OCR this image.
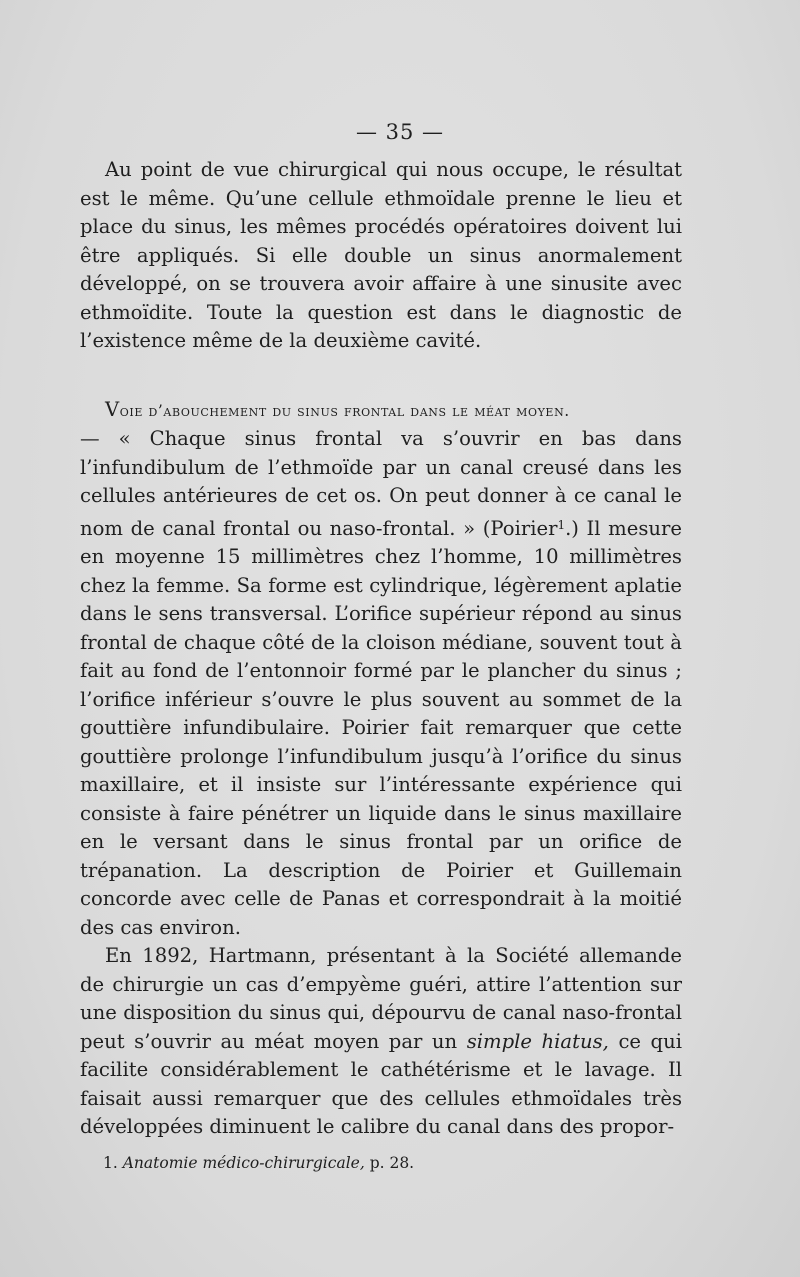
— 35 —

Au point de vue chirurgical qui nous occupe, le résultat est le même. Qu’une cellule ethmoïdale prenne le lieu et place du sinus, les mêmes procédés opératoires doivent lui être appliqués. Si elle double un sinus anormalement développé, on se trouvera avoir affaire à une sinusite avec ethmoïdite. Toute la question est dans le diagnostic de l’existence même de la deuxième cavité.

Voie d’abouchement du sinus frontal dans le méat moyen.
— « Chaque sinus frontal va s’ouvrir en bas dans l’infundibulum de l’ethmoïde par un canal creusé dans les cellules antérieures de cet os. On peut donner à ce canal le nom de canal frontal ou naso-frontal. » (Poirier$^1$.) Il mesure en moyenne 15 millimètres chez l’homme, 10 millimètres chez la femme. Sa forme est cylindrique, légèrement aplatie dans le sens transversal. L’orifice supérieur répond au sinus frontal de chaque côté de la cloison médiane, souvent tout à fait au fond de l’entonnoir formé par le plancher du sinus ; l’orifice inférieur s’ouvre le plus souvent au sommet de la gouttière infundibulaire. Poirier fait remarquer que cette gouttière prolonge l’infundibulum jusqu’à l’orifice du sinus maxillaire, et il insiste sur l’intéressante expérience qui consiste à faire pénétrer un liquide dans le sinus maxillaire en le versant dans le sinus frontal par un orifice de trépanation. La description de Poirier et Guillemain concorde avec celle de Panas et correspondrait à la moitié des cas environ.

En 1892, Hartmann, présentant à la Société allemande de chirurgie un cas d’empyème guéri, attire l’attention sur une disposition du sinus qui, dépourvu de canal naso-frontal peut s’ouvrir au méat moyen par un simple hiatus, ce qui facilite considérablement le cathétérisme et le lavage. Il faisait aussi remarquer que des cellules ethmoïdales très développées diminuent le calibre du canal dans des propor-

1. Anatomie médico-chirurgicale, p. 28.
